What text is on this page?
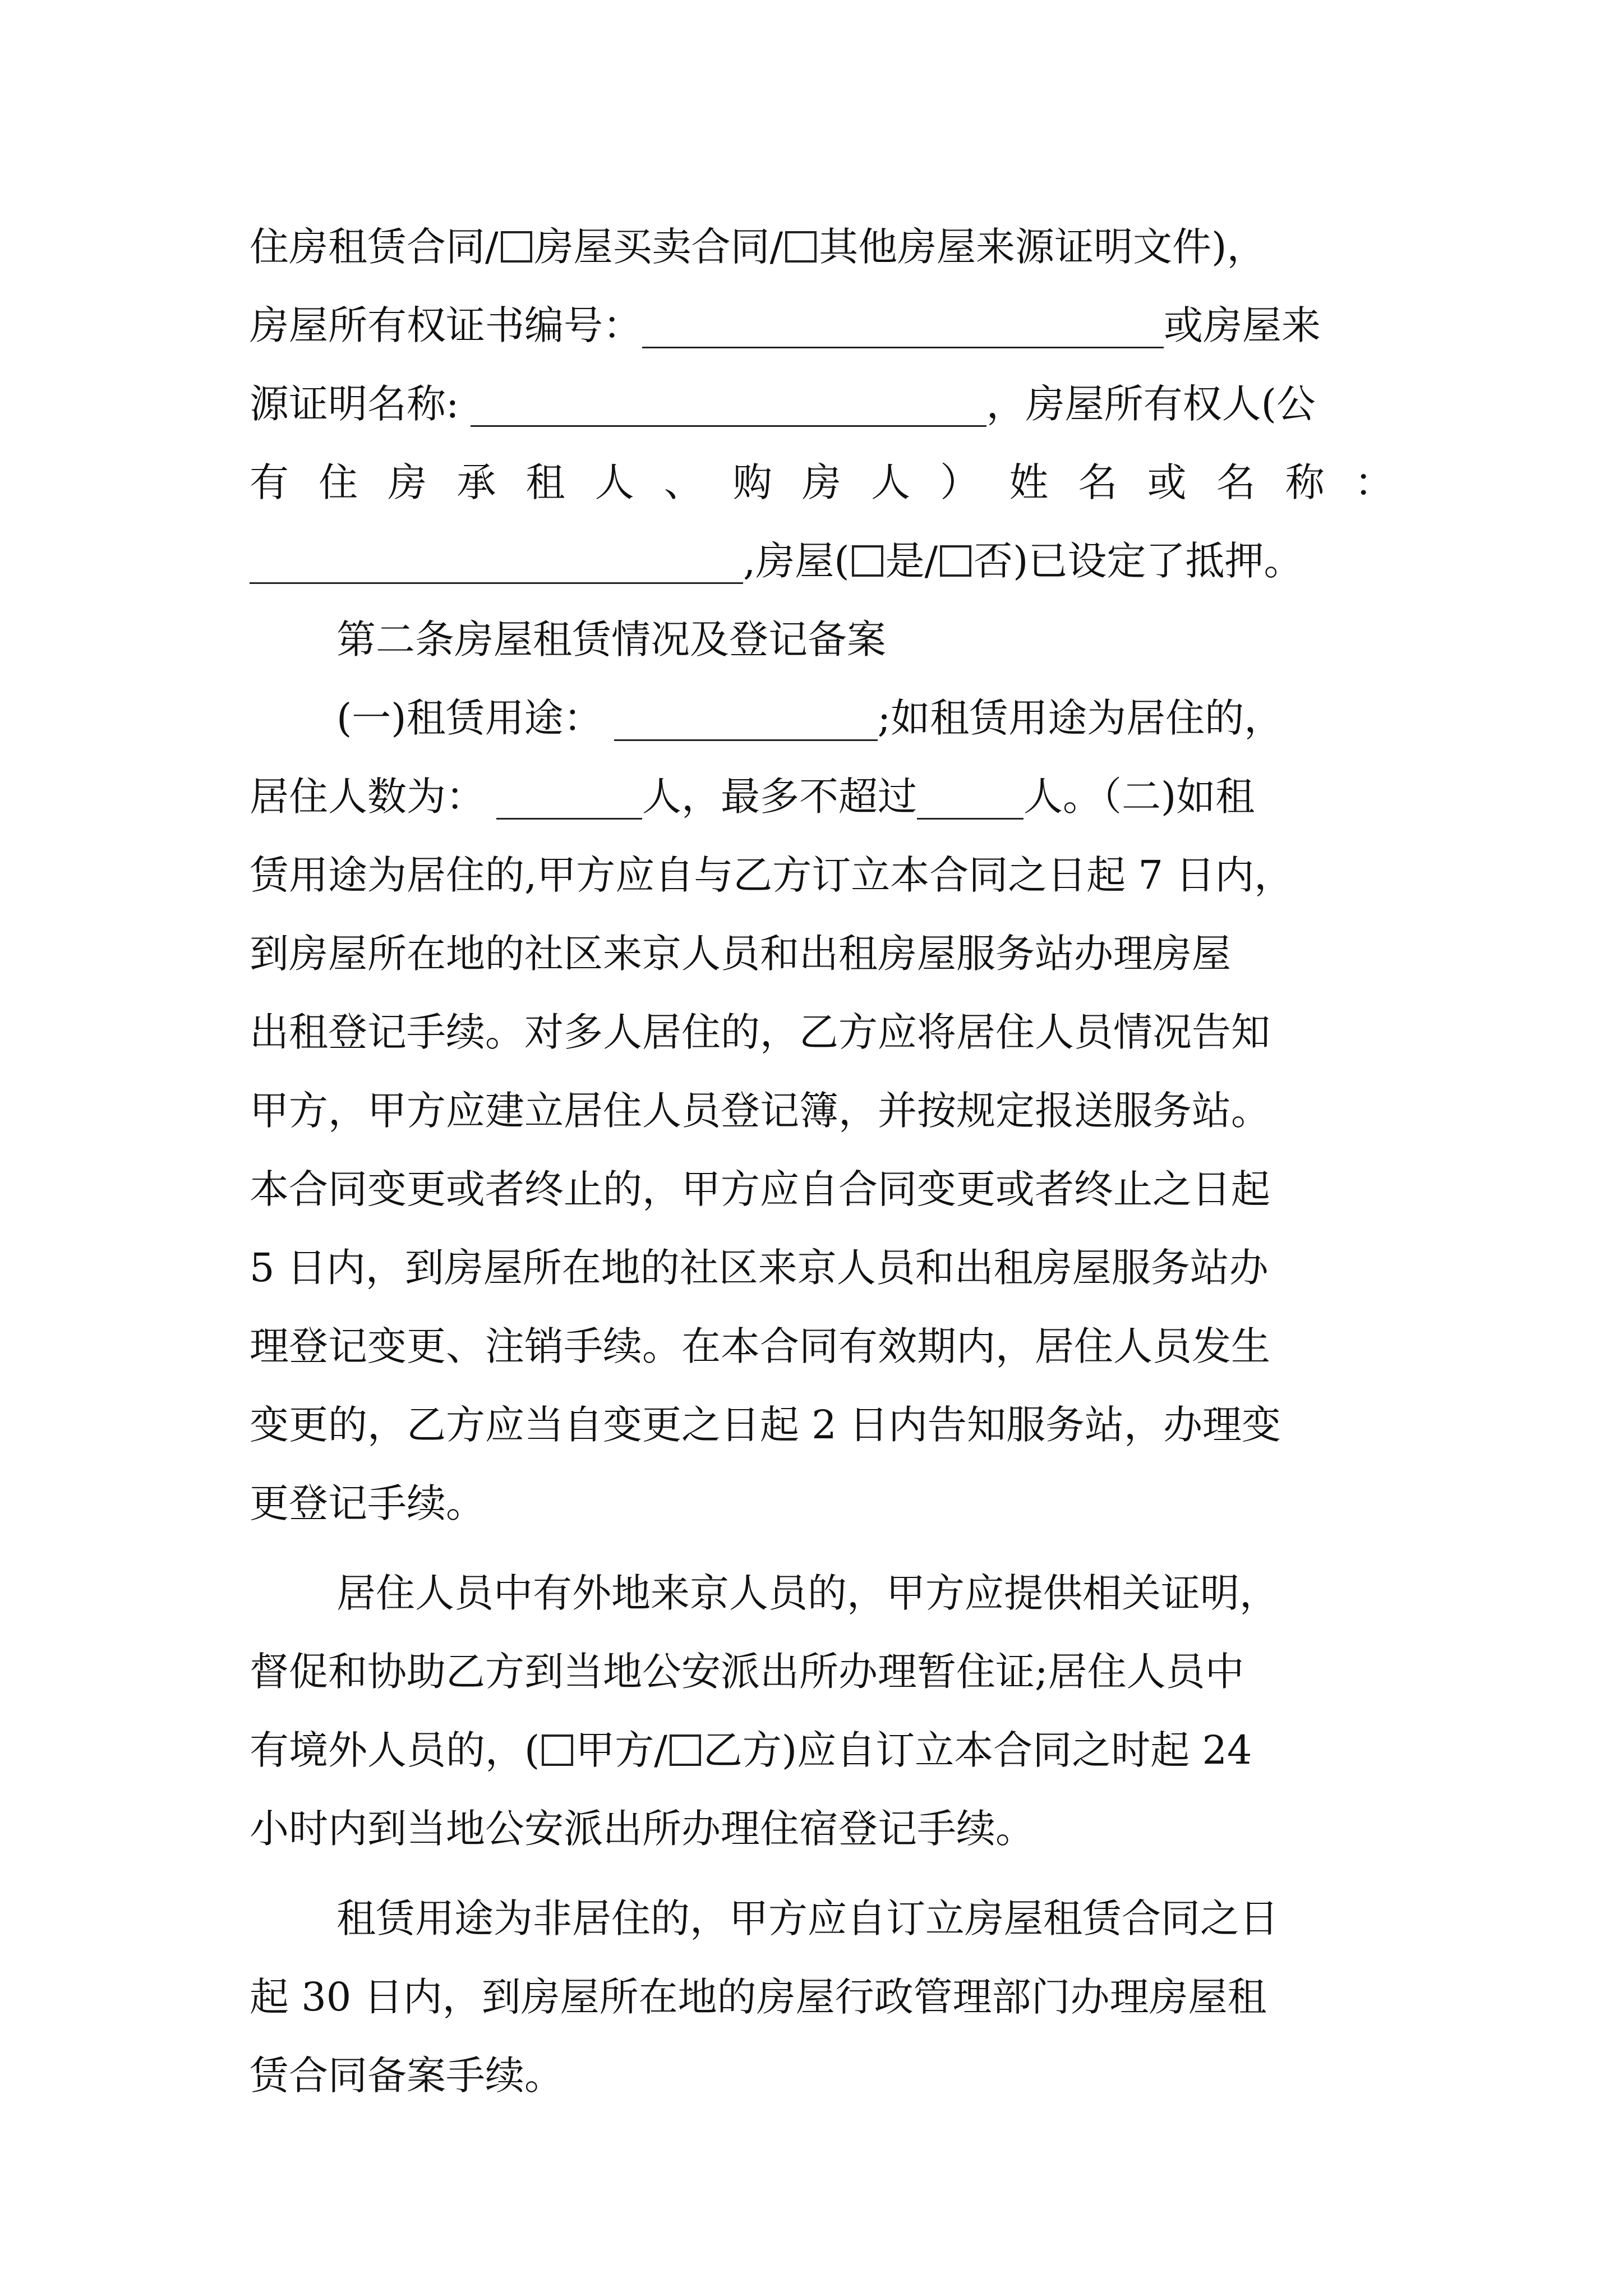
住房租赁合同/ 房屋买卖合同/ 其他房屋来源证明文件)，
房屋所有权证书编号：	或房屋来
源证明名称:	，房屋所有权人(公
有 住 房 承 租 人 、 购 房 人 ） 姓 名 或 名 称 ：
,房屋( 是/ 否)已设定了抵押。
第二条房屋租赁情况及登记备案
(一)租赁用途：	;如租赁用途为居住的，
居住人数为：	人，最多不超过	人。（二)如租
赁用途为居住的,甲方应自与乙方订立本合同之日起 7 日内，
到房屋所在地的社区来京人员和出租房屋服务站办理房屋
出租登记手续。对多人居住的，乙方应将居住人员情况告知
甲方，甲方应建立居住人员登记簿，并按规定报送服务站。
本合同变更或者终止的，甲方应自合同变更或者终止之日起
5 日内，到房屋所在地的社区来京人员和出租房屋服务站办
理登记变更、注销手续。在本合同有效期内，居住人员发生
变更的，乙方应当自变更之日起 2 日内告知服务站，办理变
更登记手续。
居住人员中有外地来京人员的，甲方应提供相关证明，
督促和协助乙方到当地公安派出所办理暂住证;居住人员中
有境外人员的，( 甲方/ 乙方)应自订立本合同之时起 24
小时内到当地公安派出所办理住宿登记手续。
租赁用途为非居住的，甲方应自订立房屋租赁合同之日
起 30 日内，到房屋所在地的房屋行政管理部门办理房屋租
赁合同备案手续。
